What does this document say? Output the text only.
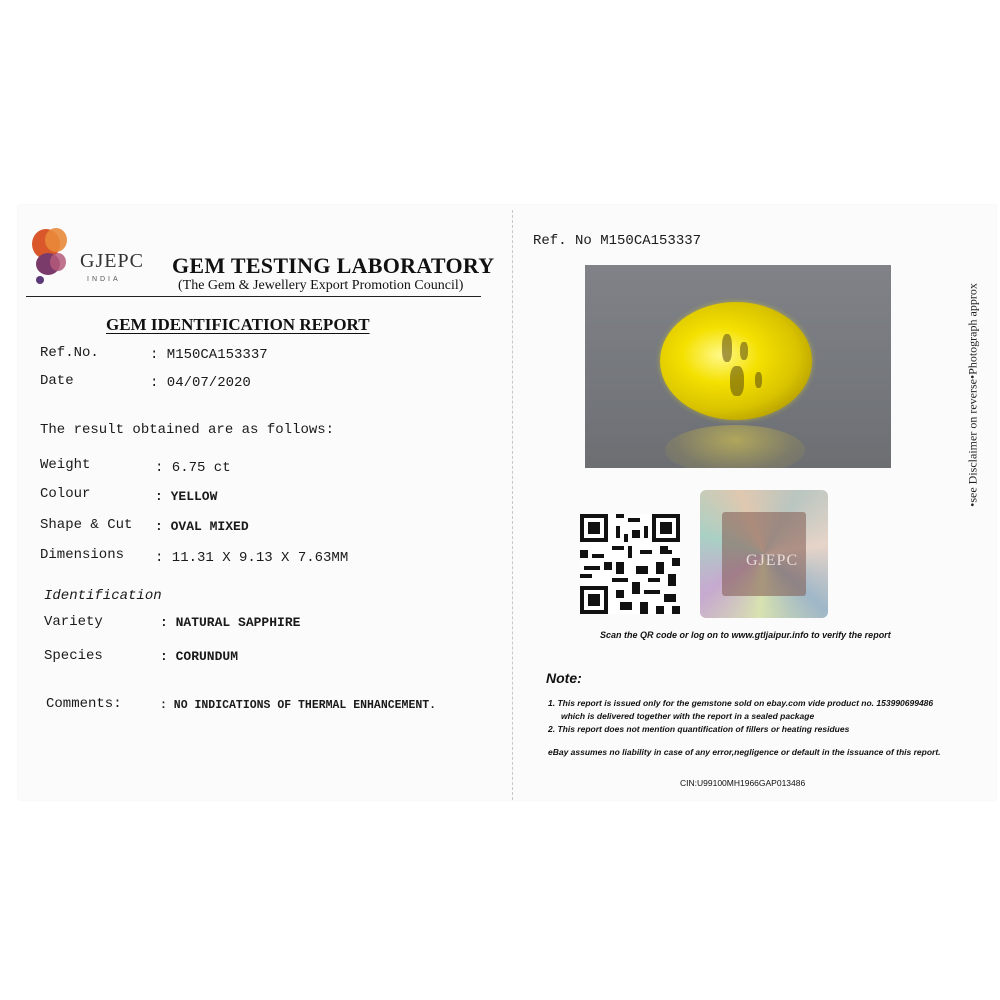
GJEPC
INDIA
GEM TESTING LABORATORY
(The Gem & Jewellery Export Promotion Council)
GEM IDENTIFICATION REPORT
Ref.No.	: M150CA153337
Date	: 04/07/2020
The result obtained are as follows:
Weight	: 6.75 ct
Colour	: YELLOW
Shape & Cut : OVAL MIXED
Dimensions : 11.31 X 9.13 X 7.63MM
Identification
Variety	: NATURAL SAPPHIRE
Species	: CORUNDUM
Comments:	: NO INDICATIONS OF THERMAL ENHANCEMENT.
Ref. No M150CA153337
GJEPC
Scan the QR code or log on to www.gtljaipur.info to verify the report
•see Disclaimer on reverse•Photograph approx
Note:
1. This report is issued only for the gemstone sold on ebay.com vide product no. 153990699486
which is delivered together with the report in a sealed package
2. This report does not mention quantification of fillers or heating residues
eBay assumes no liability in case of any error,negligence or default in the issuance of this report.
CIN:U99100MH1966GAP013486
